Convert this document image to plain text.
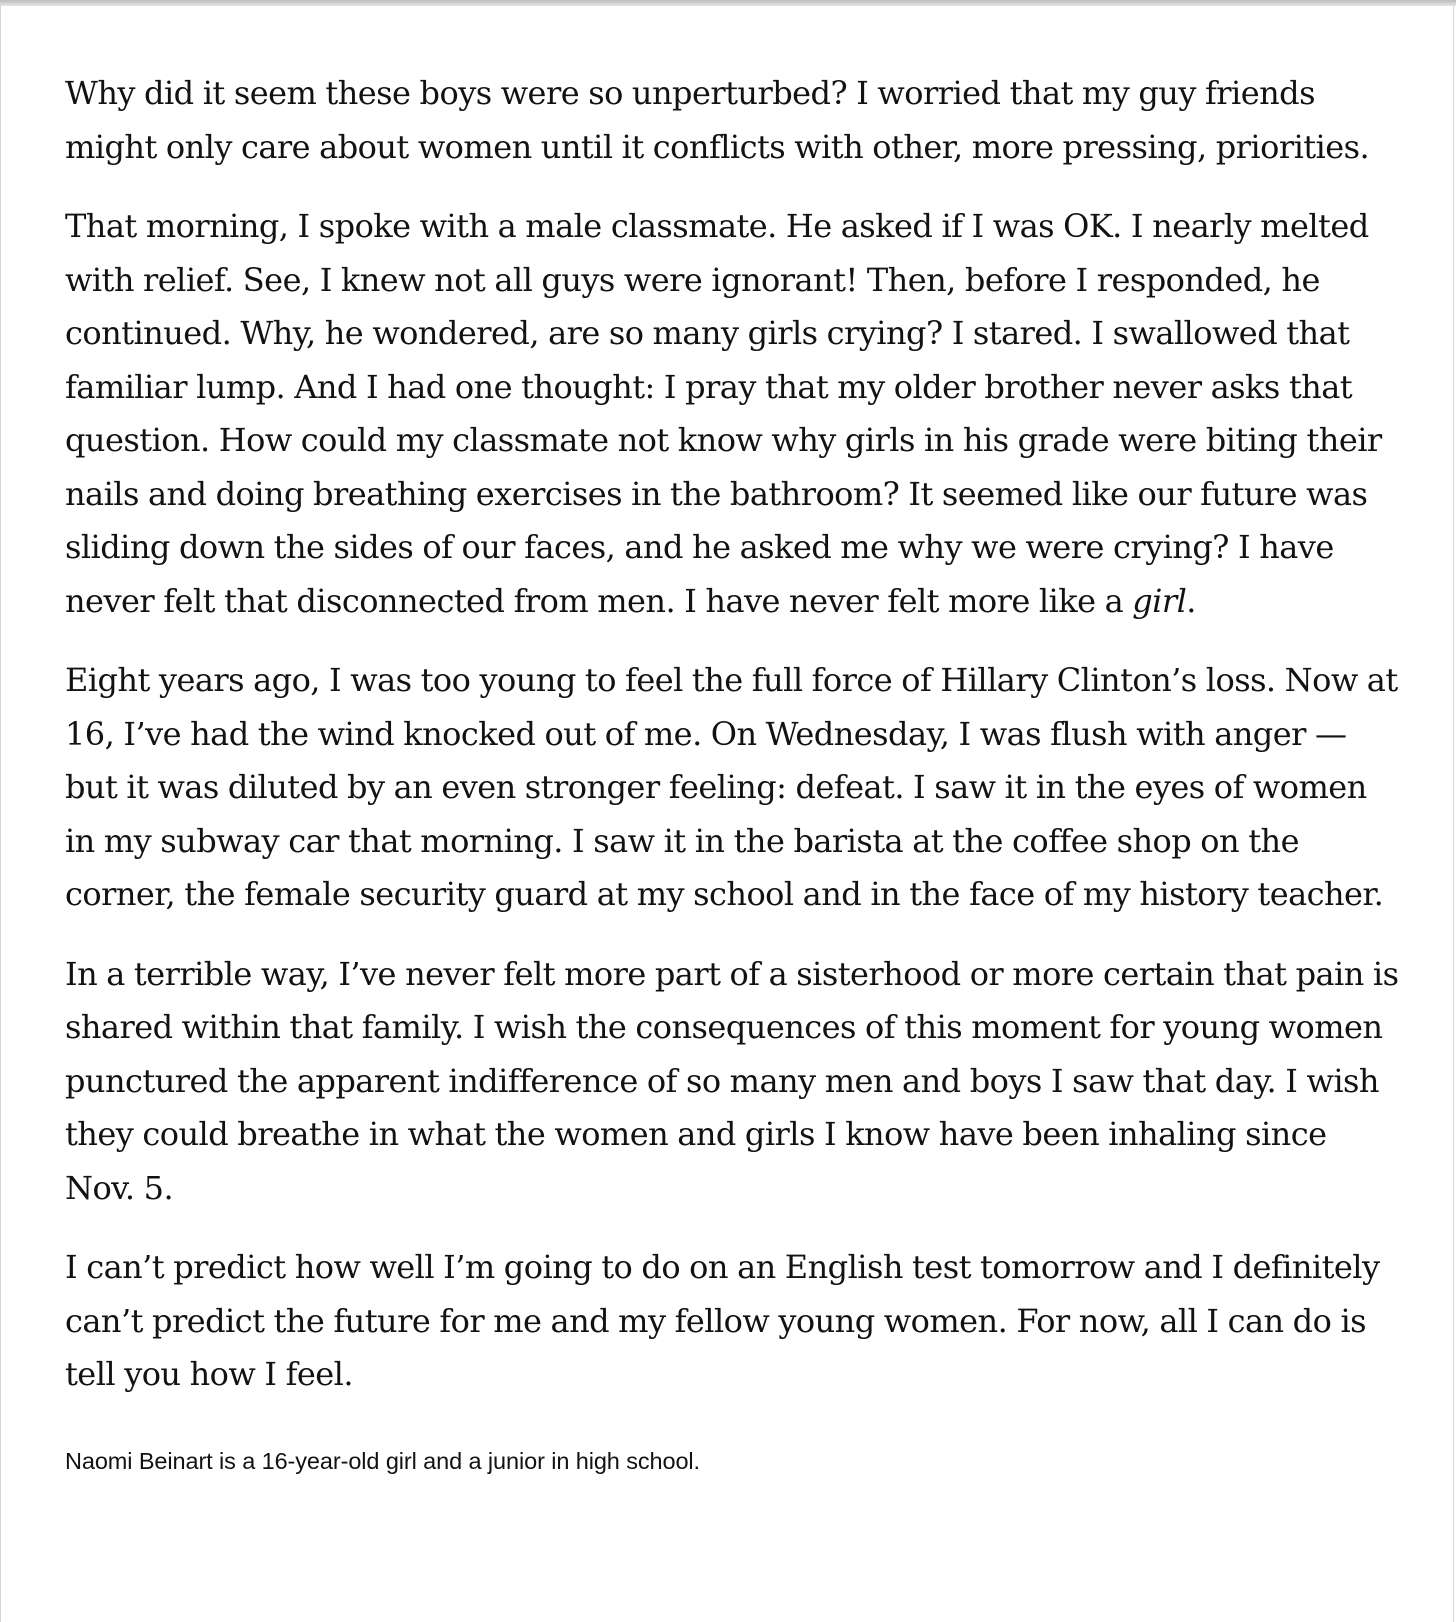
Why did it seem these boys were so unperturbed? I worried that my guy friends might only care about women until it conflicts with other, more pressing, priorities.

That morning, I spoke with a male classmate. He asked if I was OK. I nearly melted with relief. See, I knew not all guys were ignorant! Then, before I responded, he continued. Why, he wondered, are so many girls crying? I stared. I swallowed that familiar lump. And I had one thought: I pray that my older brother never asks that question. How could my classmate not know why girls in his grade were biting their nails and doing breathing exercises in the bathroom? It seemed like our future was sliding down the sides of our faces, and he asked me why we were crying? I have never felt that disconnected from men. I have never felt more like a girl.

Eight years ago, I was too young to feel the full force of Hillary Clinton’s loss. Now at 16, I’ve had the wind knocked out of me. On Wednesday, I was flush with anger — but it was diluted by an even stronger feeling: defeat. I saw it in the eyes of women in my subway car that morning. I saw it in the barista at the coffee shop on the corner, the female security guard at my school and in the face of my history teacher.

In a terrible way, I’ve never felt more part of a sisterhood or more certain that pain is shared within that family. I wish the consequences of this moment for young women punctured the apparent indifference of so many men and boys I saw that day. I wish they could breathe in what the women and girls I know have been inhaling since Nov. 5.

I can’t predict how well I’m going to do on an English test tomorrow and I definitely can’t predict the future for me and my fellow young women. For now, all I can do is tell you how I feel.

Naomi Beinart is a 16-year-old girl and a junior in high school.
